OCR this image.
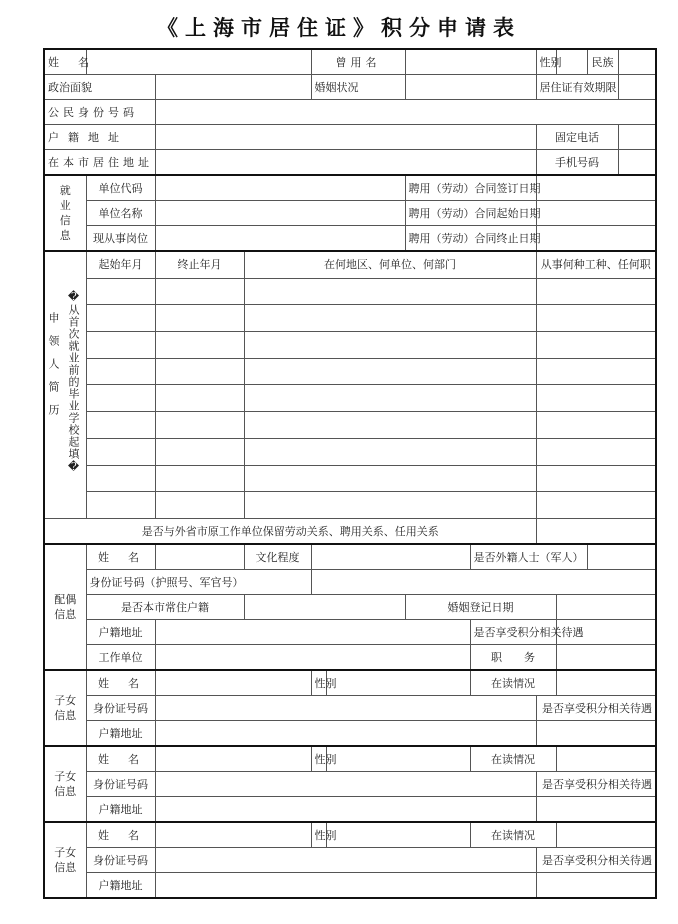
《上海市居住证》积分申请表
姓　名				曾用名				性别		民族	
政治面貌				婚姻状况				居住证有效期限			
公民身份号码											
户籍地址								固定电话			
在本市居住地址								手机号码			
就业信息	单位代码					聘用（劳动）合同签订日期					
	单位名称					聘用（劳动）合同起始日期					
	现从事岗位					聘用（劳动）合同终止日期					

申领人简历 �从首次就业前的毕业学校起填�	起始年月	终止年月	在何地区、何单位、何部门					从事何种工种、任何职			

是否与外省市原工作单位保留劳动关系、聘用关系、任用关系											
配偶信息	姓　名		文化程度				是否外籍人士（军人）				
	身份证号码（护照号、军官号）										
	是否本市常住户籍					婚姻登记日期					
	户籍地址						是否享受积分相关待遇				
	工作单位						职　　务				
子女信息	姓　名			性别			在读情况				
	身份证号码							是否享受积分相关待遇			
	户籍地址										
子女信息	姓　名			性别			在读情况				
	身份证号码							是否享受积分相关待遇			
	户籍地址										
子女信息	姓　名			性别			在读情况				
	身份证号码							是否享受积分相关待遇			
	户籍地址										
